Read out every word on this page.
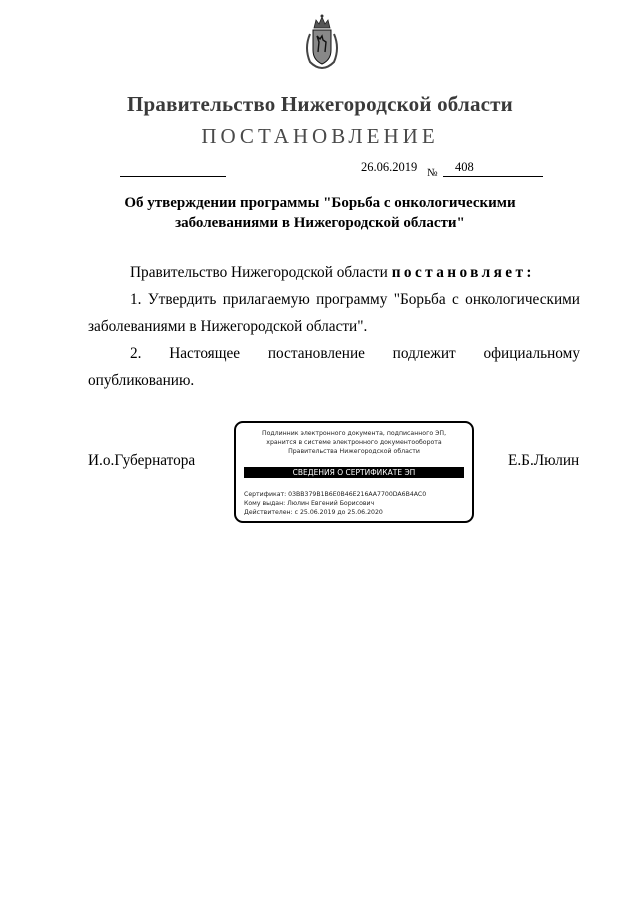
Правительство Нижегородской области
ПОСТАНОВЛЕНИЕ
26.06.2019 № 408
Об утверждении программы "Борьба с онкологическими заболеваниями в Нижегородской области"
Правительство Нижегородской области постановляет:
1. Утвердить прилагаемую программу "Борьба с онкологическими заболеваниями в Нижегородской области".
2. Настоящее постановление подлежит официальному опубликованию.
И.о.Губернатора	Е.Б.Люлин
Подлинник электронного документа, подписанного ЭП,
хранится в системе электронного документооборота
Правительства Нижегородской области
СВЕДЕНИЯ О СЕРТИФИКАТЕ ЭП
Сертификат: 03BB379B1B6E0B46E216AA7700DA6B4AC0
Кому выдан: Люлин Евгений Борисович
Действителен: с 25.06.2019 до 25.06.2020
